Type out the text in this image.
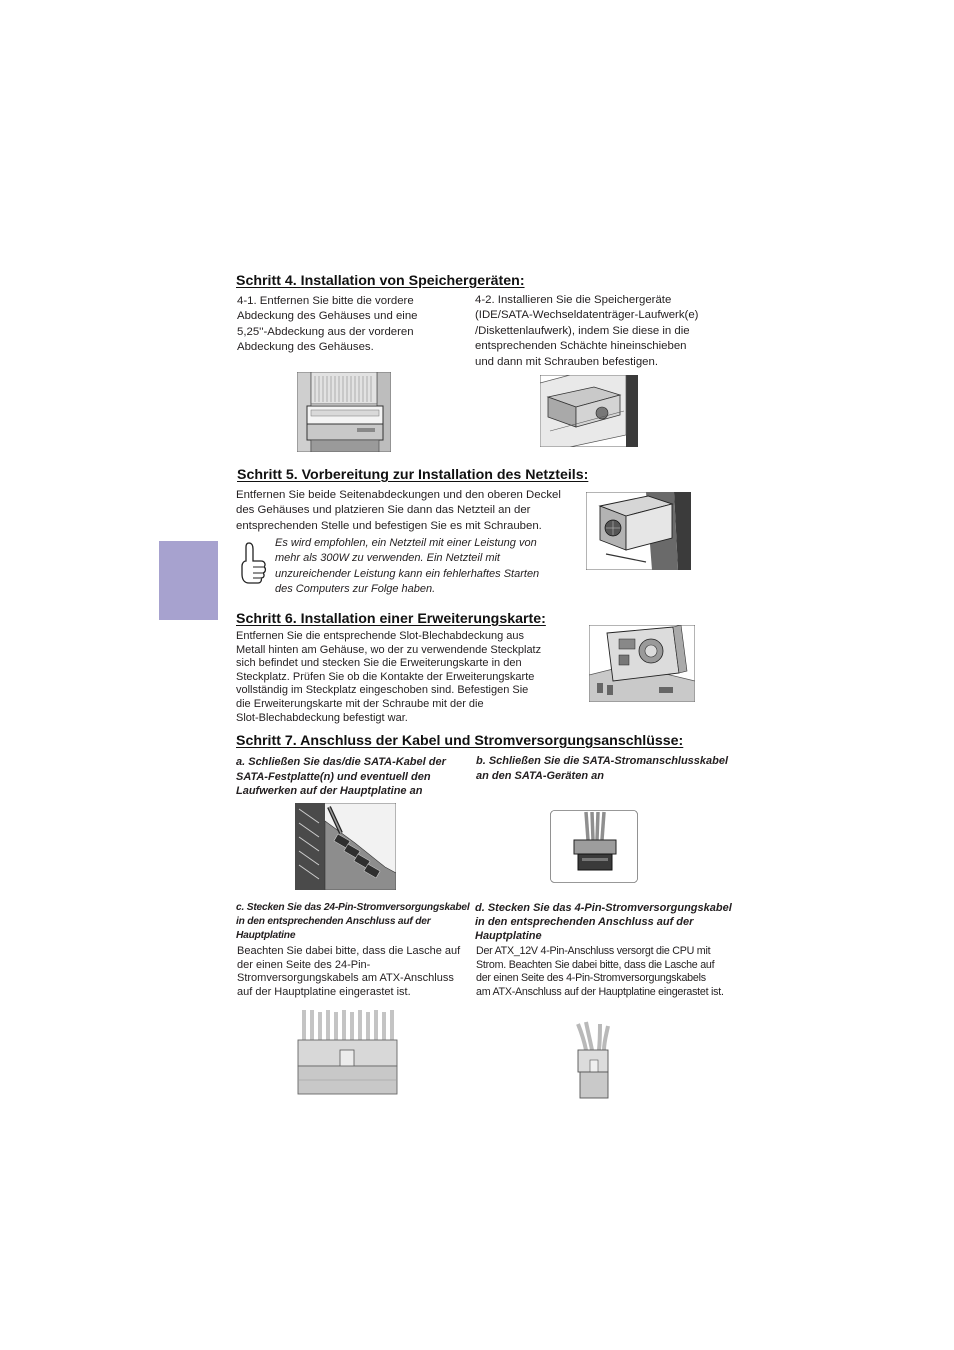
Schritt 4. Installation von Speichergeräten:
4-1. Entfernen Sie bitte die vordere
Abdeckung des Gehäuses und eine
5,25''-Abdeckung aus der vorderen
Abdeckung des Gehäuses.
4-2. Installieren Sie die Speichergeräte
(IDE/SATA-Wechseldatenträger-Laufwerk(e)
/Diskettenlaufwerk), indem Sie diese in die
entsprechenden Schächte hineinschieben
und dann mit Schrauben befestigen.
Schritt 5. Vorbereitung zur Installation des Netzteils:
Entfernen Sie beide Seitenabdeckungen und den oberen Deckel
des Gehäuses und platzieren Sie dann das Netzteil an der
entsprechenden Stelle und befestigen Sie es mit Schrauben.
Es wird empfohlen, ein Netzteil mit einer Leistung von
mehr als 300W zu verwenden. Ein Netzteil mit
unzureichender Leistung kann ein fehlerhaftes Starten
des Computers zur Folge haben.
Schritt 6. Installation einer Erweiterungskarte:
Entfernen Sie die entsprechende Slot-Blechabdeckung aus
Metall hinten am Gehäuse, wo der zu verwendende Steckplatz
sich befindet und stecken Sie die Erweiterungskarte in den
Steckplatz. Prüfen Sie ob die Kontakte der Erweiterungskarte
vollständig im Steckplatz eingeschoben sind. Befestigen Sie
die Erweiterungskarte mit der Schraube mit der die
Slot-Blechabdeckung befestigt war.
Schritt 7. Anschluss der Kabel und Stromversorgungsanschlüsse:
a. Schließen Sie das/die SATA-Kabel der
SATA-Festplatte(n) und eventuell den
Laufwerken auf der Hauptplatine an
b. Schließen Sie die SATA-Stromanschlusskabel
an den SATA-Geräten an
c. Stecken Sie das 24-Pin-Stromversorgungskabel
in den entsprechenden Anschluss auf der
Hauptplatine
Beachten Sie dabei bitte, dass die Lasche auf
der einen Seite des 24-Pin-
Stromversorgungskabels am ATX-Anschluss
auf der Hauptplatine eingerastet ist.
d. Stecken Sie das 4-Pin-Stromversorgungskabel
in den entsprechenden Anschluss auf der
Hauptplatine
Der ATX_12V 4-Pin-Anschluss versorgt die CPU mit
Strom. Beachten Sie dabei bitte, dass die Lasche auf
der einen Seite des 4-Pin-Stromversorgungskabels
am ATX-Anschluss auf der Hauptplatine eingerastet ist.
